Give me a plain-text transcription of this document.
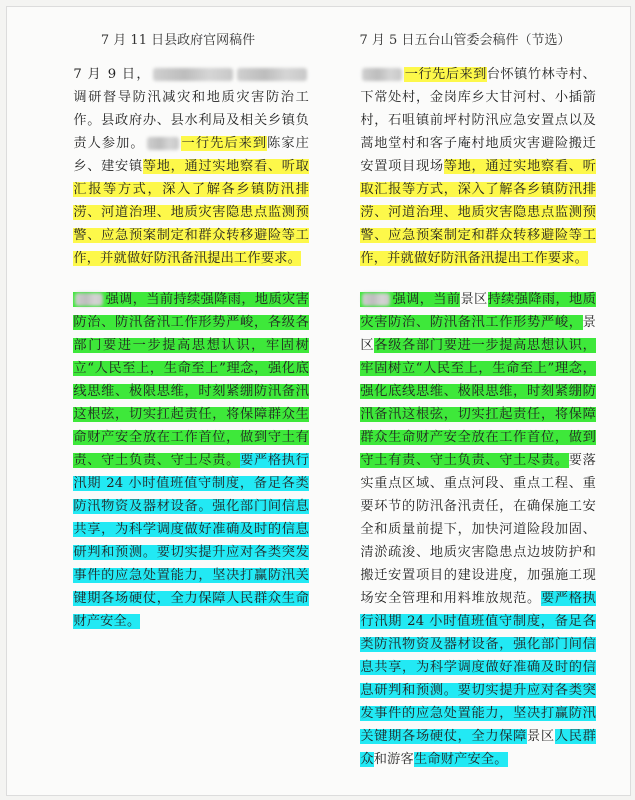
7 月 11 日县政府官网稿件
7 月 9 日，调研督导防汛减灾和地质灾害防治工作。县政府办、县水利局及相关乡镇负责人参加。	一行先后来到陈家庄乡、建安镇等地，通过实地察看、听取汇报等方式，深入了解各乡镇防汛排涝、河道治理、地质灾害隐患点监测预警、应急预案制定和群众转移避险等工作，并就做好防汛备汛提出工作要求。
强调，当前持续强降雨，地质灾害防治、防汛备汛工作形势严峻，各级各部门要进一步提高思想认识，牢固树立“人民至上，生命至上”理念，强化底线思维、极限思维，时刻紧绷防汛备汛这根弦，切实扛起责任，将保障群众生命财产安全放在工作首位，做到守土有责、守土负责、守土尽责。要严格执行汛期 24 小时值班值守制度，备足各类防汛物资及器材设备。强化部门间信息共享，为科学调度做好准确及时的信息研判和预测。要切实提升应对各类突发事件的应急处置能力，坚决打赢防汛关键期各场硬仗，全力保障人民群众生命财产安全。
7 月 5 日五台山管委会稿件（节选）
一行先后来到台怀镇竹林寺村、下常处村，金岗库乡大甘河村、小插箭村，石咀镇前坪村防汛应急安置点以及蒿地堂村和客子庵村地质灾害避险搬迁安置项目现场等地，通过实地察看、听取汇报等方式，深入了解各乡镇防汛排涝、河道治理、地质灾害隐患点监测预警、应急预案制定和群众转移避险等工作，并就做好防汛备汛提出工作要求。
强调，当前景区持续强降雨，地质灾害防治、防汛备汛工作形势严峻，景区各级各部门要进一步提高思想认识，牢固树立“人民至上，生命至上”理念，强化底线思维、极限思维，时刻紧绷防汛备汛这根弦，切实扛起责任，将保障群众生命财产安全放在工作首位，做到守土有责、守土负责、守土尽责。要落实重点区域、重点河段、重点工程、重要环节的防汛备汛责任，在确保施工安全和质量前提下，加快河道险段加固、清淤疏浚、地质灾害隐患点边坡防护和搬迁安置项目的建设进度，加强施工现场安全管理和用料堆放规范。要严格执行汛期 24 小时值班值守制度，备足各类防汛物资及器材设备，强化部门间信息共享，为科学调度做好准确及时的信息研判和预测。要切实提升应对各类突发事件的应急处置能力，坚决打赢防汛关键期各场硬仗，全力保障景区人民群众和游客生命财产安全。
